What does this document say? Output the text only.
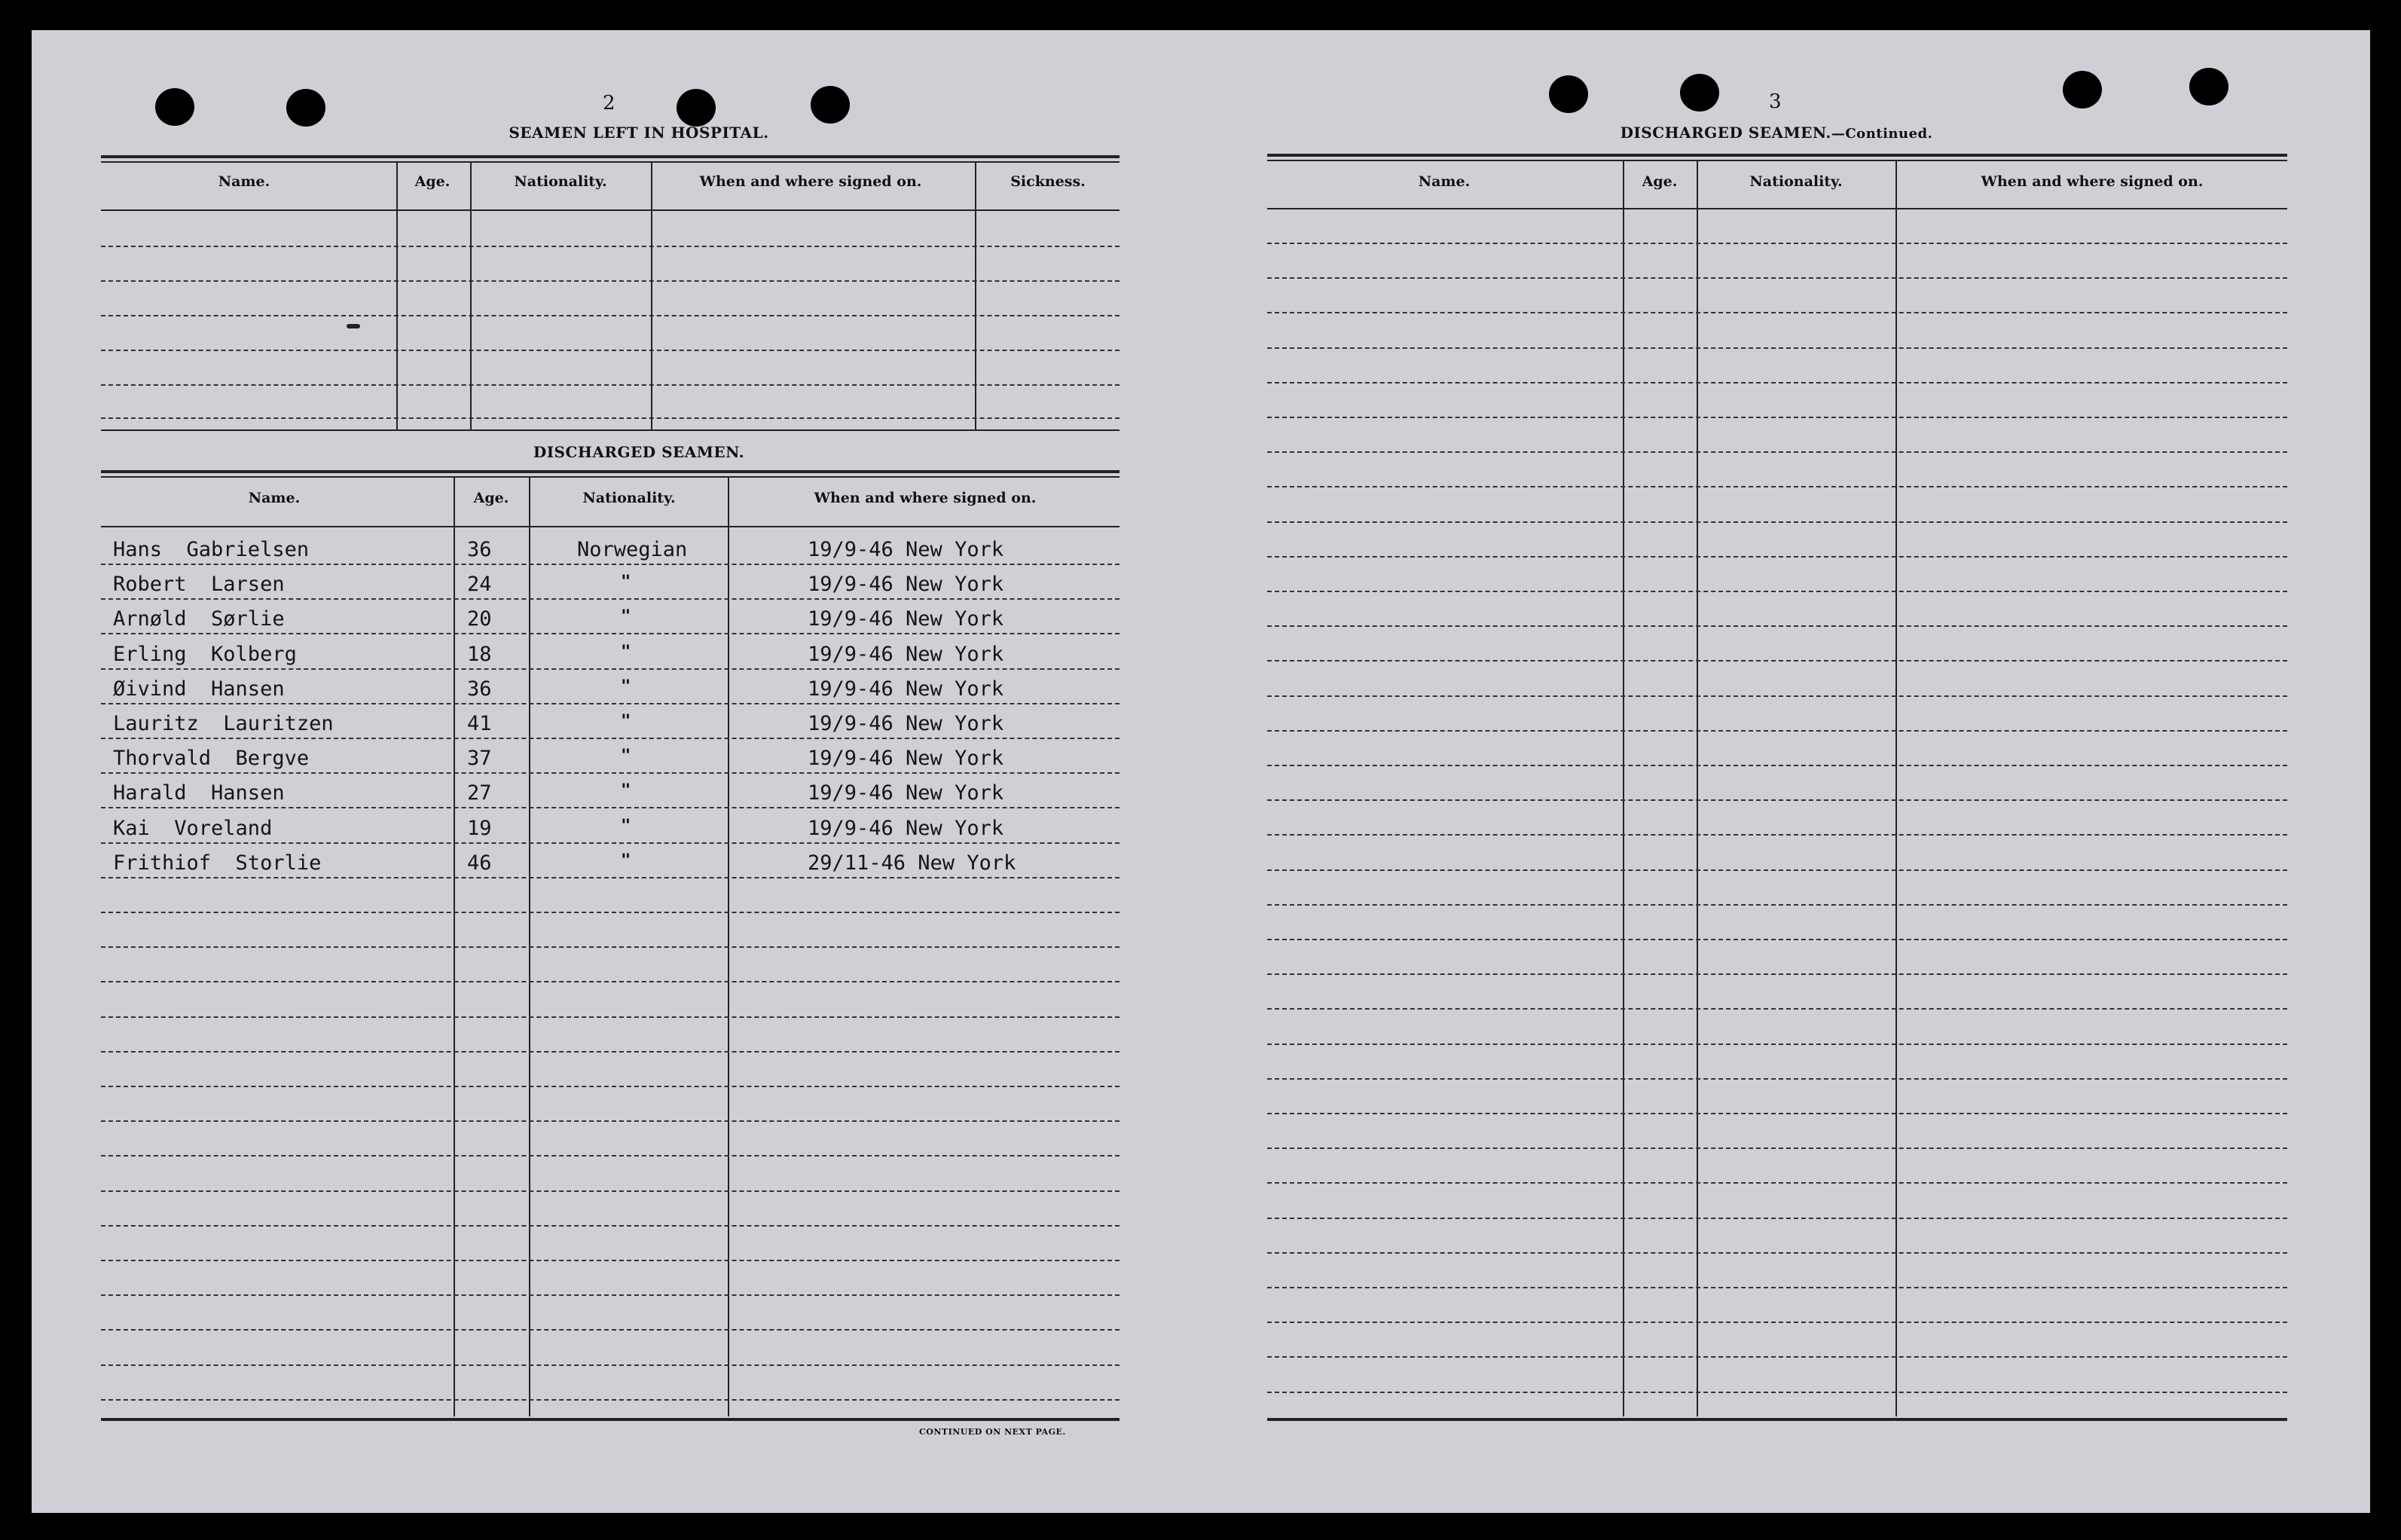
2
SEAMEN LEFT IN HOSPITAL.
Name.	Age.	Nationality.	When and where signed on.	Sickness.
DISCHARGED SEAMEN.
Name.	Age.	Nationality.	When and where signed on.
Hans  Gabrielsen	36	Norwegian	19/9-46 New York
Robert  Larsen	24	"	19/9-46 New York
Arnøld  Sørlie	20	"	19/9-46 New York
Erling  Kolberg	18	"	19/9-46 New York
Øivind  Hansen	36	"	19/9-46 New York
Lauritz  Lauritzen	41	"	19/9-46 New York
Thorvald  Bergve	37	"	19/9-46 New York
Harald  Hansen	27	"	19/9-46 New York
Kai  Voreland	19	"	19/9-46 New York
Frithiof  Storlie	46	"	29/11-46 New York
CONTINUED ON NEXT PAGE.
3
DISCHARGED SEAMEN.—Continued.
Name.	Age.	Nationality.	When and where signed on.
